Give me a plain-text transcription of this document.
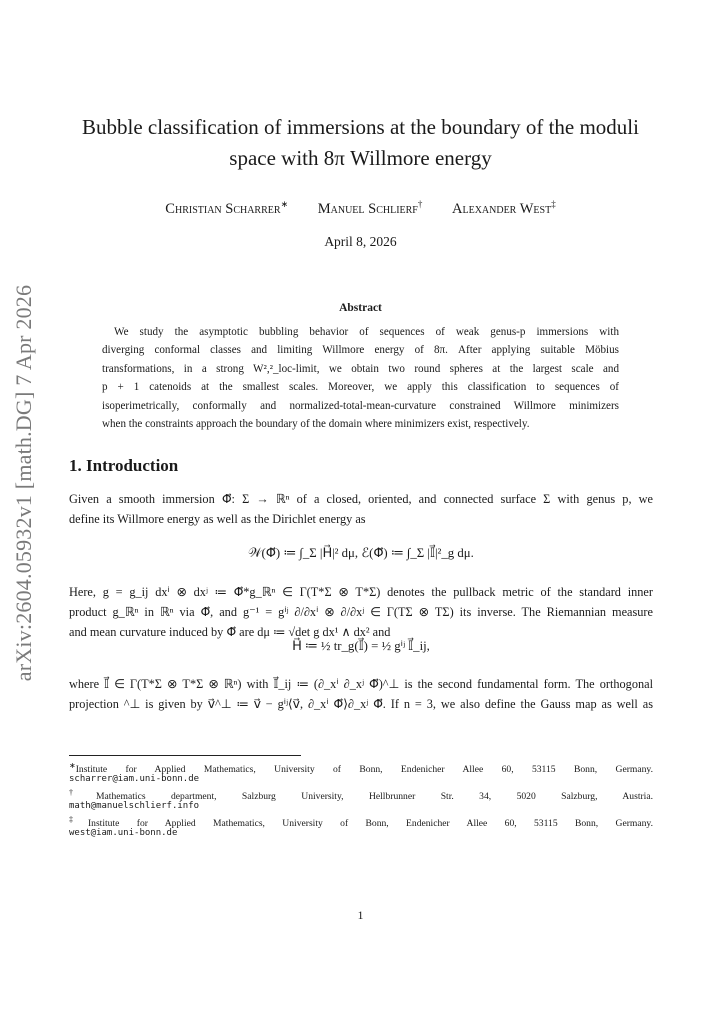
arXiv:2604.05932v1 [math.DG] 7 Apr 2026
Bubble classification of immersions at the boundary of the moduli
space with 8π Willmore energy
Christian Scharrer∗ Manuel Schlierf† Alexander West‡
April 8, 2026
Abstract
We study the asymptotic bubbling behavior of sequences of weak genus-p immersions with
diverging conformal classes and limiting Willmore energy of 8π. After applying suitable Möbius
transformations, in a strong W²,²_loc-limit, we obtain two round spheres at the largest scale and
p + 1 catenoids at the smallest scales. Moreover, we apply this classification to sequences of
isoperimetrically, conformally and normalized-total-mean-curvature constrained Willmore minimizers
when the constraints approach the boundary of the domain where minimizers exist, respectively.
1. Introduction
Given a smooth immersion Φ⃗: Σ → ℝⁿ of a closed, oriented, and connected surface Σ with genus p, we
define its Willmore energy as well as the Dirichlet energy as
𝒲(Φ⃗) ≔ ∫_Σ |H⃗|² dμ, ℰ(Φ⃗) ≔ ∫_Σ |𝕀⃗|²_g dμ.
Here, g = g_ij dxⁱ ⊗ dxʲ ≔ Φ⃗*g_ℝⁿ ∈ Γ(T*Σ ⊗ T*Σ) denotes the pullback metric of the standard inner
product g_ℝⁿ in ℝⁿ via Φ⃗, and g⁻¹ = gⁱʲ ∂/∂xⁱ ⊗ ∂/∂xʲ ∈ Γ(TΣ ⊗ TΣ) its inverse. The Riemannian measure
and mean curvature induced by Φ⃗ are dμ ≔ √det g dx¹ ∧ dx² and
H⃗ ≔ ½ tr_g(𝕀⃗) = ½ gⁱʲ 𝕀⃗_ij,
where 𝕀⃗ ∈ Γ(T*Σ ⊗ T*Σ ⊗ ℝⁿ) with 𝕀⃗_ij ≔ (∂_xⁱ ∂_xʲ Φ⃗)^⊥ is the second fundamental form. The orthogonal
projection ^⊥ is given by v⃗^⊥ ≔ v⃗ − gⁱʲ⟨v⃗, ∂_xⁱ Φ⃗⟩∂_xʲ Φ⃗. If n = 3, we also define the Gauss map as well as
∗Institute for Applied Mathematics, University of Bonn, Endenicher Allee 60, 53115 Bonn, Germany.
scharrer@iam.uni-bonn.de
†Mathematics department, Salzburg University, Hellbrunner Str. 34, 5020 Salzburg, Austria.
math@manuelschlierf.info
‡Institute for Applied Mathematics, University of Bonn, Endenicher Allee 60, 53115 Bonn, Germany.
west@iam.uni-bonn.de
1
